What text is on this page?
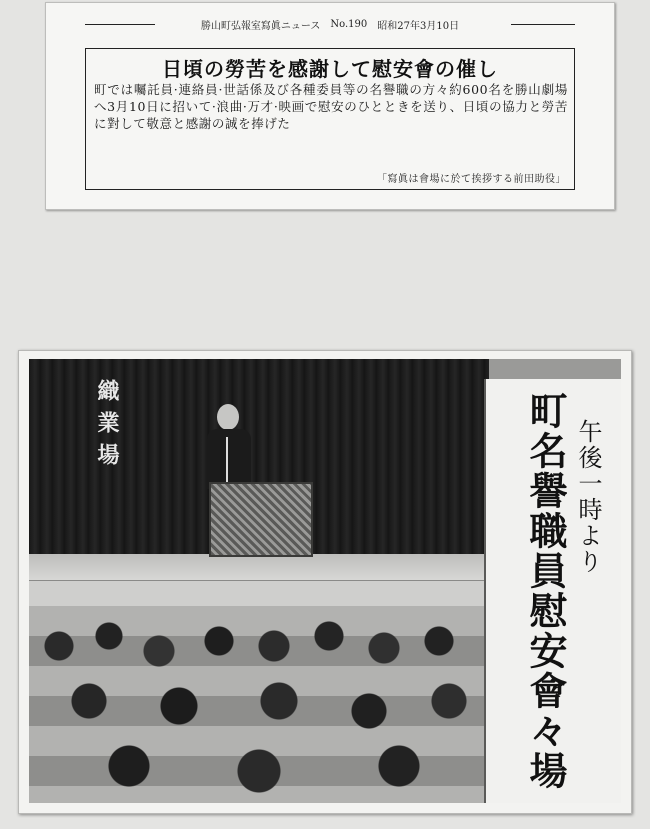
勝山町弘報室寫眞ニュース No.190 昭和27年3月10日
日頃の勞苦を感謝して慰安會の催し
町では囑託員·連絡員·世話係及び各種委員等の名譽職の方々約600名を勝山劇場へ3月10日に招いて·浪曲·万才·映画で慰安のひとときを送り、日頃の協力と勞苦に對して敬意と感謝の誠を捧げた
「寫眞は會場に於て挨拶する前田助役」
織業場	町名譽職員慰安會々場 午後一時より
